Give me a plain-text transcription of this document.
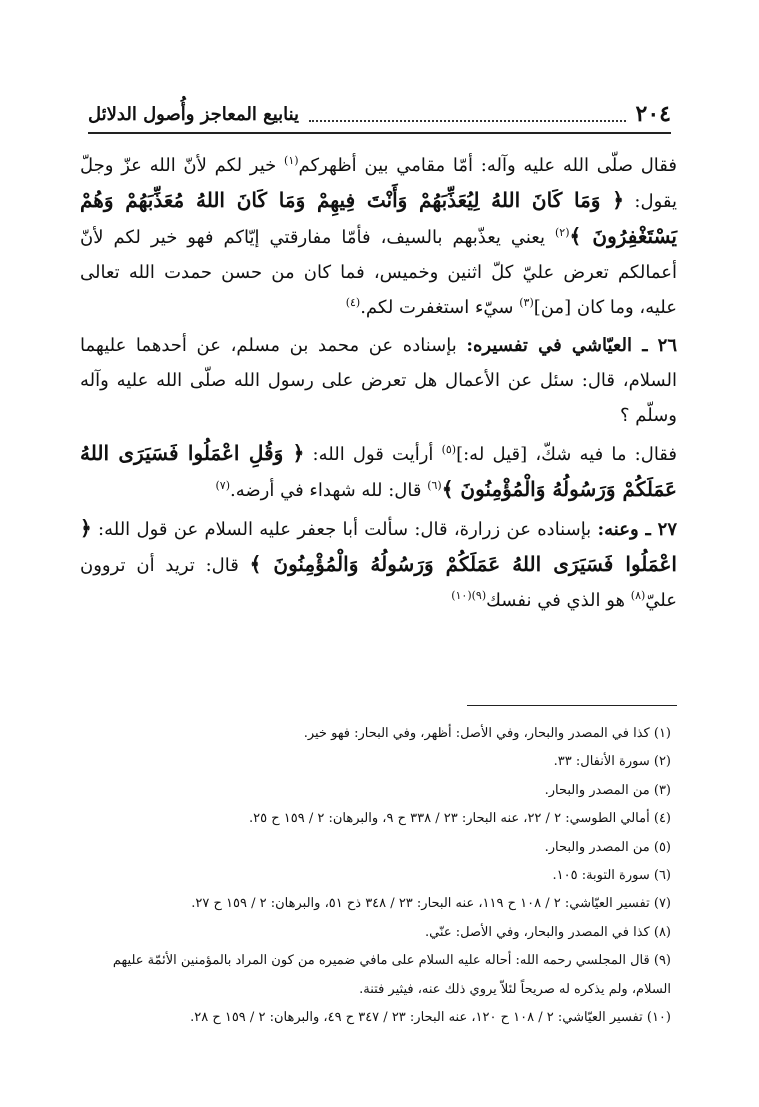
٢٠٤
ينابيع المعاجز وأُصول الدلائل

فقال صلّى الله عليه وآله: أمّا مقامي بين أظهركم$^{(١)}$ خير لكم لأنّ الله عزّ وجلّ يقول: ﴿ وَمَا كَانَ اللهُ لِيُعَذِّبَهُمْ وَأَنْتَ فِيهِمْ وَمَا كَانَ اللهُ مُعَذِّبَهُمْ وَهُمْ يَسْتَغْفِرُونَ ﴾$^{(٢)}$ يعني يعذّبهم بالسيف، فأمّا مفارقتي إيّاكم فهو خير لكم لأنّ أعمالكم تعرض عليّ كلّ اثنين وخميس، فما كان من حسن حمدت الله تعالى عليه، وما كان [من]$^{(٣)}$ سيّء استغفرت لكم.$^{(٤)}$

٢٦ ـ العيّاشي في تفسيره: بإسناده عن محمد بن مسلم، عن أحدهما عليهما السلام، قال: سئل عن الأعمال هل تعرض على رسول الله صلّى الله عليه وآله وسلّم ؟

فقال: ما فيه شكّ، [قيل له:]$^{(٥)}$ أرأيت قول الله: ﴿ وَقُلِ اعْمَلُوا فَسَيَرَى اللهُ عَمَلَكُمْ وَرَسُولُهُ وَالْمُؤْمِنُونَ ﴾$^{(٦)}$ قال: لله شهداء في أرضه.$^{(٧)}$

٢٧ ـ وعنه: بإسناده عن زرارة، قال: سألت أبا جعفر عليه السلام عن قول الله: ﴿ اعْمَلُوا فَسَيَرَى اللهُ عَمَلَكُمْ وَرَسُولُهُ وَالْمُؤْمِنُونَ ﴾ قال: تريد أن تروون عليّ$^{(٨)}$ هو الذي في نفسك$^{(٩)(١٠)}$

(١) كذا في المصدر والبحار، وفي الأصل: أظهر، وفي البحار: فهو خير.

(٢) سورة الأنفال: ٣٣.

(٣) من المصدر والبحار.

(٤) أمالي الطوسي: ٢ / ٢٢، عنه البحار: ٢٣ / ٣٣٨ ح ٩، والبرهان: ٢ / ١٥٩ ح ٢٥.

(٥) من المصدر والبحار.

(٦) سورة التوبة: ١٠٥.

(٧) تفسير العيّاشي: ٢ / ١٠٨ ح ١١٩، عنه البحار: ٢٣ / ٣٤٨ ذح ٥١، والبرهان: ٢ / ١٥٩ ح ٢٧.

(٨) كذا في المصدر والبحار، وفي الأصل: عنّي.

(٩) قال المجلسي رحمه الله: أحاله عليه السلام على مافي ضميره من كون المراد بالمؤمنين الأئمّة عليهم السلام، ولم يذكره له صريحاً لئلاّ يروي ذلك عنه، فيثير فتنة.

(١٠) تفسير العيّاشي: ٢ / ١٠٨ ح ١٢٠، عنه البحار: ٢٣ / ٣٤٧ ح ٤٩، والبرهان: ٢ / ١٥٩ ح ٢٨.
